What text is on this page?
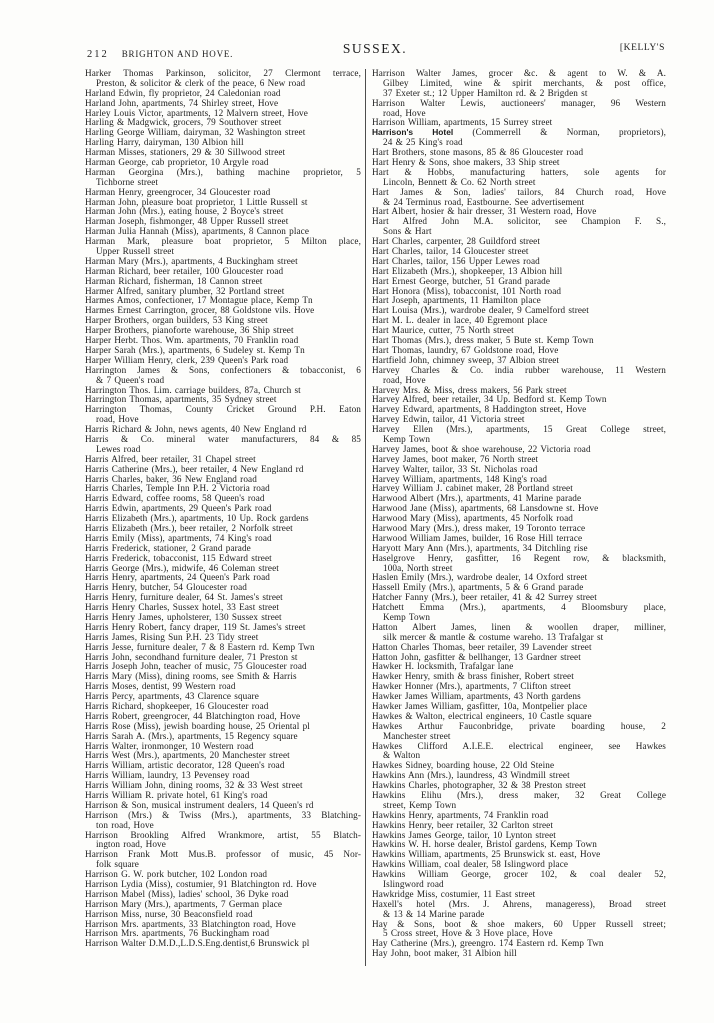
212 BRIGHTON AND HOVE.	SUSSEX.	[KELLY'S
Harker Thomas Parkinson, solicitor, 27 Clermont terrace,
Preston, & solicitor & clerk of the peace, 6 New road
Harland Edwin, fly proprietor, 24 Caledonian road
Harland John, apartments, 74 Shirley street, Hove
Harley Louis Victor, apartments, 12 Malvern street, Hove
Harling & Madgwick, grocers, 79 Southover street
Harling George William, dairyman, 32 Washington street
Harling Harry, dairyman, 130 Albion hill
Harman Misses, stationers, 29 & 30 Sillwood street
Harman George, cab proprietor, 10 Argyle road
Harman Georgina (Mrs.), bathing machine proprietor, 5
Tichborne street
Harman Henry, greengrocer, 34 Gloucester road
Harman John, pleasure boat proprietor, 1 Little Russell st
Harman John (Mrs.), eating house, 2 Boyce's street
Harman Joseph, fishmonger, 48 Upper Russell street
Harman Julia Hannah (Miss), apartments, 8 Cannon place
Harman Mark, pleasure boat proprietor, 5 Milton place,
Upper Russell street
Harman Mary (Mrs.), apartments, 4 Buckingham street
Harman Richard, beer retailer, 100 Gloucester road
Harman Richard, fisherman, 18 Cannon street
Harmer Alfred, sanitary plumber, 32 Portland street
Harmes Amos, confectioner, 17 Montague place, Kemp Tn
Harmes Ernest Carrington, grocer, 88 Goldstone vils. Hove
Harper Brothers, organ builders, 53 King street
Harper Brothers, pianoforte warehouse, 36 Ship street
Harper Herbt. Thos. Wm. apartments, 70 Franklin road
Harper Sarah (Mrs.), apartments, 6 Sudeley st. Kemp Tn
Harper William Henry, clerk, 239 Queen's Park road
Harrington James & Sons, confectioners & tobacconist, 6
& 7 Queen's road
Harrington Thos. Lim. carriage builders, 87a, Church st
Harrington Thomas, apartments, 35 Sydney street
Harrington Thomas, County Cricket Ground P.H. Eaton
road, Hove
Harris Richard & John, news agents, 40 New England rd
Harris & Co. mineral water manufacturers, 84 & 85
Lewes road
Harris Alfred, beer retailer, 31 Chapel street
Harris Catherine (Mrs.), beer retailer, 4 New England rd
Harris Charles, baker, 36 New England road
Harris Charles, Temple Inn P.H. 2 Victoria road
Harris Edward, coffee rooms, 58 Queen's road
Harris Edwin, apartments, 29 Queen's Park road
Harris Elizabeth (Mrs.), apartments, 10 Up. Rock gardens
Harris Elizabeth (Mrs.), beer retailer, 2 Norfolk street
Harris Emily (Miss), apartments, 74 King's road
Harris Frederick, stationer, 2 Grand parade
Harris Frederick, tobacconist, 115 Edward street
Harris George (Mrs.), midwife, 46 Coleman street
Harris Henry, apartments, 24 Queen's Park road
Harris Henry, butcher, 54 Gloucester road
Harris Henry, furniture dealer, 64 St. James's street
Harris Henry Charles, Sussex hotel, 33 East street
Harris Henry James, upholsterer, 130 Sussex street
Harris Henry Robert, fancy draper, 119 St. James's street
Harris James, Rising Sun P.H. 23 Tidy street
Harris Jesse, furniture dealer, 7 & 8 Eastern rd. Kemp Twn
Harris John, secondhand furniture dealer, 71 Preston st
Harris Joseph John, teacher of music, 75 Gloucester road
Harris Mary (Miss), dining rooms, see Smith & Harris
Harris Moses, dentist, 99 Western road
Harris Percy, apartments, 43 Clarence square
Harris Richard, shopkeeper, 16 Gloucester road
Harris Robert, greengrocer, 44 Blatchington road, Hove
Harris Rose (Miss), jewish boarding house, 25 Oriental pl
Harris Sarah A. (Mrs.), apartments, 15 Regency square
Harris Walter, ironmonger, 10 Western road
Harris West (Mrs.), apartments, 20 Manchester street
Harris William, artistic decorator, 128 Queen's road
Harris William, laundry, 13 Pevensey road
Harris William John, dining rooms, 32 & 33 West street
Harris William R. private hotel, 61 King's road
Harrison & Son, musical instrument dealers, 14 Queen's rd
Harrison (Mrs.) & Twiss (Mrs.), apartments, 33 Blatching-
ton road, Hove
Harrison Brookling Alfred Wrankmore, artist, 55 Blatch-
ington road, Hove
Harrison Frank Mott Mus.B. professor of music, 45 Nor-
folk square
Harrison G. W. pork butcher, 102 London road
Harrison Lydia (Miss), costumier, 91 Blatchington rd. Hove
Harrison Mabel (Miss), ladies' school, 36 Dyke road
Harrison Mary (Mrs.), apartments, 7 German place
Harrison Miss, nurse, 30 Beaconsfield road
Harrison Mrs. apartments, 33 Blatchington road, Hove
Harrison Mrs. apartments, 76 Buckingham road
Harrison Walter D.M.D.,L.D.S.Eng.dentist,6 Brunswick pl
Harrison Walter James, grocer &c. & agent to W. & A.
Gilbey Limited, wine & spirit merchants, & post office,
37 Exeter st.; 12 Upper Hamilton rd. & 2 Brigden st
Harrison Walter Lewis, auctioneers' manager, 96 Western
road, Hove
Harrison William, apartments, 15 Surrey street
Harrison's Hotel (Commerrell & Norman, proprietors),
24 & 25 King's road
Hart Brothers, stone masons, 85 & 86 Gloucester road
Hart Henry & Sons, shoe makers, 33 Ship street
Hart & Hobbs, manufacturing hatters, sole agents for
Lincoln, Bennett & Co. 62 North street
Hart James & Son, ladies' tailors, 84 Church road, Hove
& 24 Terminus road, Eastbourne. See advertisement
Hart Albert, hosier & hair dresser, 31 Western road, Hove
Hart Alfred John M.A. solicitor, see Champion F. S.,
Sons & Hart
Hart Charles, carpenter, 28 Guildford street
Hart Charles, tailor, 14 Gloucester street
Hart Charles, tailor, 156 Upper Lewes road
Hart Elizabeth (Mrs.), shopkeeper, 13 Albion hill
Hart Ernest George, butcher, 51 Grand parade
Hart Honora (Miss), tobacconist, 101 North road
Hart Joseph, apartments, 11 Hamilton place
Hart Louisa (Mrs.), wardrobe dealer, 9 Camelford street
Hart M. L. dealer in lace, 40 Egremont place
Hart Maurice, cutter, 75 North street
Hart Thomas (Mrs.), dress maker, 5 Bute st. Kemp Town
Hart Thomas, laundry, 67 Goldstone road, Hove
Hartfield John, chimney sweep, 37 Albion street
Harvey Charles & Co. india rubber warehouse, 11 Western
road, Hove
Harvey Mrs. & Miss, dress makers, 56 Park street
Harvey Alfred, beer retailer, 34 Up. Bedford st. Kemp Town
Harvey Edward, apartments, 8 Haddington street, Hove
Harvey Edwin, tailor, 41 Victoria street
Harvey Ellen (Mrs.), apartments, 15 Great College street,
Kemp Town
Harvey James, boot & shoe warehouse, 22 Victoria road
Harvey James, boot maker, 76 North street
Harvey Walter, tailor, 33 St. Nicholas road
Harvey William, apartments, 148 King's road
Harvey William J. cabinet maker, 28 Portland street
Harwood Albert (Mrs.), apartments, 41 Marine parade
Harwood Jane (Miss), apartments, 68 Lansdowne st. Hove
Harwood Mary (Miss), apartments, 45 Norfolk road
Harwood Mary (Mrs.), dress maker, 19 Toronto terrace
Harwood William James, builder, 16 Rose Hill terrace
Haryott Mary Ann (Mrs.), apartments, 34 Ditchling rise
Haselgrove Henry, gasfitter, 16 Regent row, & blacksmith,
100a, North street
Haslen Emily (Mrs.), wardrobe dealer, 14 Oxford street
Hassell Emily (Mrs.), apartments, 5 & 6 Grand parade
Hatcher Fanny (Mrs.), beer retailer, 41 & 42 Surrey street
Hatchett Emma (Mrs.), apartments, 4 Bloomsbury place,
Kemp Town
Hatton Albert James, linen & woollen draper, milliner,
silk mercer & mantle & costume wareho. 13 Trafalgar st
Hatton Charles Thomas, beer retailer, 39 Lavender street
Hatton John, gasfitter & bellhanger, 13 Gardner street
Hawker H. locksmith, Trafalgar lane
Hawker Henry, smith & brass finisher, Robert street
Hawker Honner (Mrs.), apartments, 7 Clifton street
Hawker James William, apartments, 43 North gardens
Hawker James William, gasfitter, 10a, Montpelier place
Hawkes & Walton, electrical engineers, 10 Castle square
Hawkes Arthur Fauconbridge, private boarding house, 2
Manchester street
Hawkes Clifford A.I.E.E. electrical engineer, see Hawkes
& Walton
Hawkes Sidney, boarding house, 22 Old Steine
Hawkins Ann (Mrs.), laundress, 43 Windmill street
Hawkins Charles, photographer, 32 & 38 Preston street
Hawkins Elihu (Mrs.), dress maker, 32 Great College
street, Kemp Town
Hawkins Henry, apartments, 74 Franklin road
Hawkins Henry, beer retailer, 32 Carlton street
Hawkins James George, tailor, 10 Lynton street
Hawkins W. H. horse dealer, Bristol gardens, Kemp Town
Hawkins William, apartments, 25 Brunswick st. east, Hove
Hawkins William, coal dealer, 58 Islingword place
Hawkins William George, grocer 102, & coal dealer 52,
Islingword road
Hawkridge Miss, costumier, 11 East street
Haxell's hotel (Mrs. J. Ahrens, manageress), Broad street
& 13 & 14 Marine parade
Hay & Sons, boot & shoe makers, 60 Upper Russell street;
5 Cross street, Hove & 3 Hove place, Hove
Hay Catherine (Mrs.), greengro. 174 Eastern rd. Kemp Twn
Hay John, boot maker, 31 Albion hill
